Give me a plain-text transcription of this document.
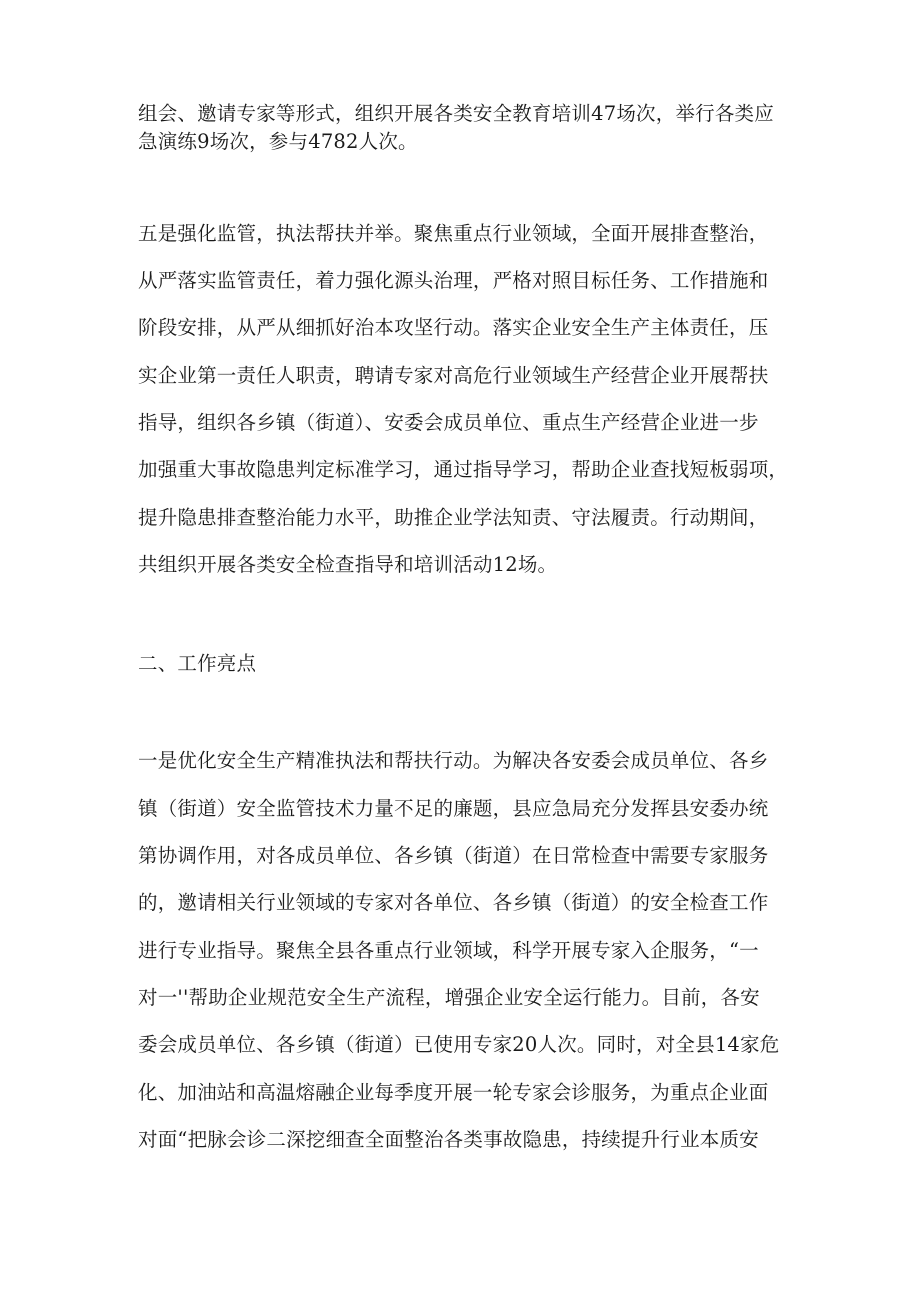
组会、邀请专家等形式，组织开展各类安全教育培训47场次，举行各类应
急演练9场次，参与4782人次。
五是强化监管，执法帮扶并举。聚焦重点行业领域，全面开展排查整治，
从严落实监管责任，着力强化源头治理，严格对照目标任务、工作措施和
阶段安排，从严从细抓好治本攻坚行动。落实企业安全生产主体责任，压
实企业第一责任人职责，聘请专家对高危行业领域生产经营企业开展帮扶
指导，组织各乡镇（街道）、安委会成员单位、重点生产经营企业进一步
加强重大事故隐患判定标准学习，通过指导学习，帮助企业查找短板弱项，
提升隐患排查整治能力水平，助推企业学法知责、守法履责。行动期间，
共组织开展各类安全检查指导和培训活动12场。
二、工作亮点
一是优化安全生产精准执法和帮扶行动。为解决各安委会成员单位、各乡
镇（街道）安全监管技术力量不足的廉题，县应急局充分发挥县安委办统
第协调作用，对各成员单位、各乡镇（街道）在日常检查中需要专家服务
的，邀请相关行业领域的专家对各单位、各乡镇（街道）的安全检查工作
进行专业指导。聚焦全县各重点行业领域，科学开展专家入企服务，“一
对一''帮助企业规范安全生产流程，增强企业安全运行能力。目前，各安
委会成员单位、各乡镇（街道）已使用专家20人次。同时，对全县14家危
化、加油站和高温熔融企业每季度开展一轮专家会诊服务，为重点企业面
对面“把脉会诊二深挖细查全面整治各类事故隐患，持续提升行业本质安
